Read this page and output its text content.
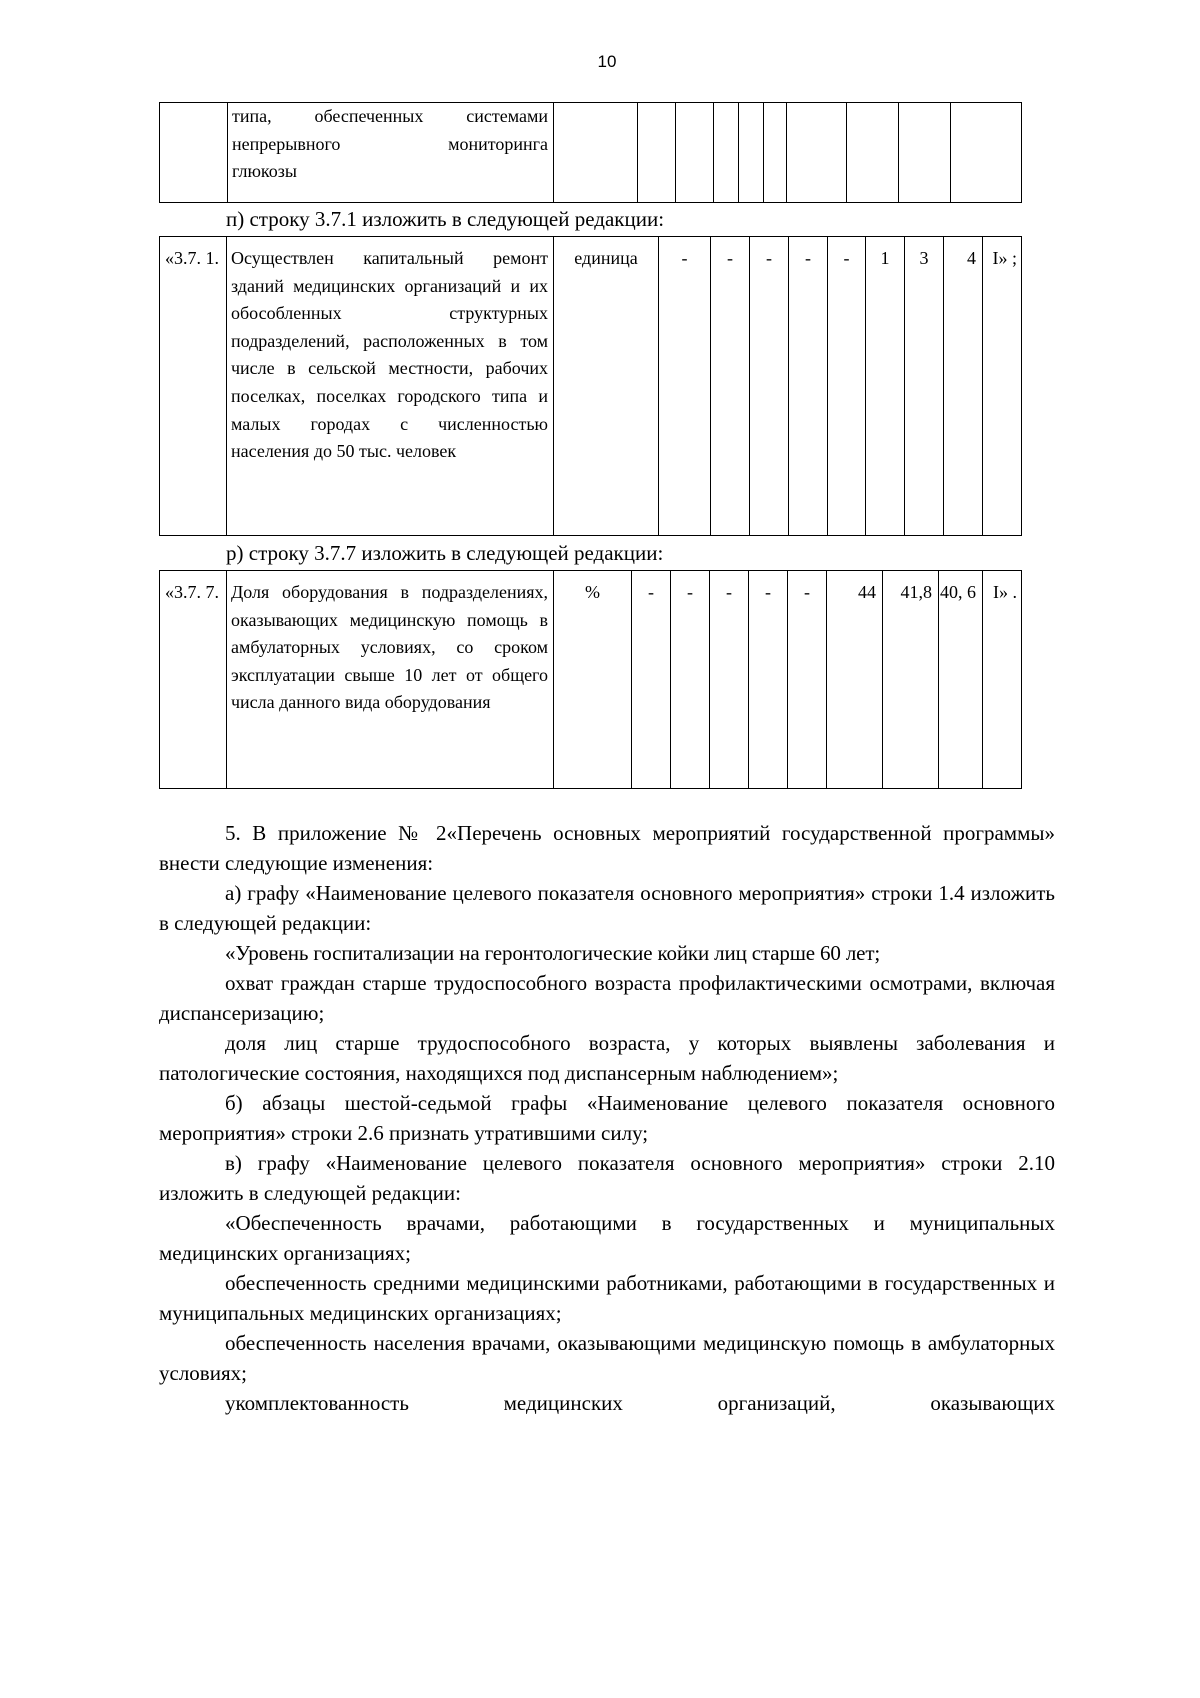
10

типа, обеспеченных системами
непрерывного мониторинга
глюкозы

п) строку 3.7.1 изложить в следующей редакции:
«3.7. 1.	Осуществлен капитальный ремонт зданий медицинских организаций и их обособленных структурных подразделений, расположенных в том числе в сельской местности, рабочих поселках, поселках городского типа и малых городах с численностью населения до 50 тыс. человек	единица	-	-	-	-	-	1	3	4	I» ;
р) строку 3.7.7 изложить в следующей редакции:
«3.7. 7.	Доля оборудования в подразделениях, оказывающих медицинскую помощь в амбулаторных условиях, со сроком эксплуатации свыше 10 лет от общего числа данного вида оборудования	%	-	-	-	-	-	44	41,8	40, 6	I» .

5. В приложение № 2«Перечень основных мероприятий государственной программы» внести следующие изменения:

а) графу «Наименование целевого показателя основного мероприятия» строки 1.4 изложить в следующей редакции:

«Уровень госпитализации на геронтологические койки лиц старше 60 лет;

охват граждан старше трудоспособного возраста профилактическими осмотрами, включая диспансеризацию;

доля лиц старше трудоспособного возраста, у которых выявлены заболевания и патологические состояния, находящихся под диспансерным наблюдением»;

б) абзацы шестой-седьмой графы «Наименование целевого показателя основного мероприятия» строки 2.6 признать утратившими силу;

в) графу «Наименование целевого показателя основного мероприятия» строки 2.10 изложить в следующей редакции:

«Обеспеченность врачами, работающими в государственных и муниципальных медицинских организациях;

обеспеченность средними медицинскими работниками, работающими в государственных и муниципальных медицинских организациях;

обеспеченность населения врачами, оказывающими медицинскую помощь в амбулаторных условиях;

укомплектованность медицинских организаций, оказывающих
